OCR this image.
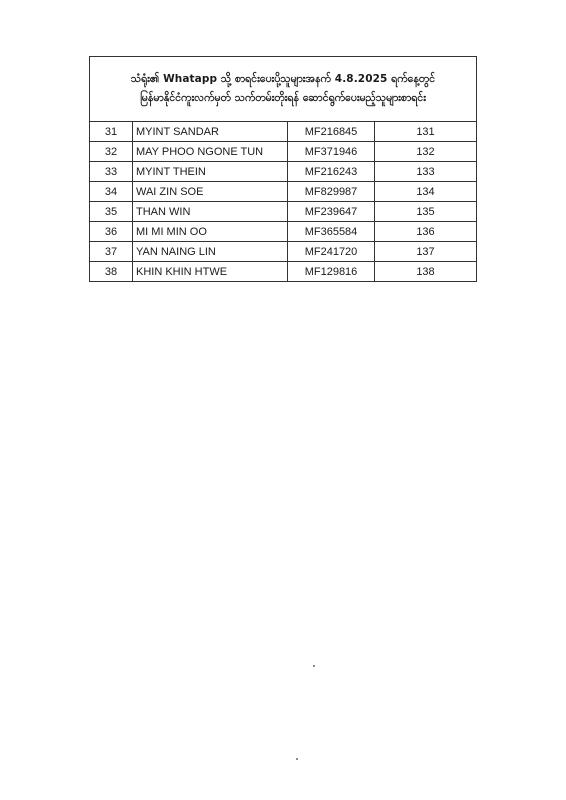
သံရုံး၏ Whatapp သို့ စာရင်းပေးပို့သူများအနက် 4.8.2025 ရက်နေ့တွင်
မြန်မာနိုင်ငံကူးလက်မှတ် သက်တမ်းတိုးရန် ဆောင်ရွက်ပေးမည့်သူများစာရင်း
31	MYINT SANDAR	MF216845	131
32	MAY PHOO NGONE TUN	MF371946	132
33	MYINT THEIN	MF216243	133
34	WAI ZIN SOE	MF829987	134
35	THAN WIN	MF239647	135
36	MI MI MIN OO	MF365584	136
37	YAN NAING LIN	MF241720	137
38	KHIN KHIN HTWE	MF129816	138
